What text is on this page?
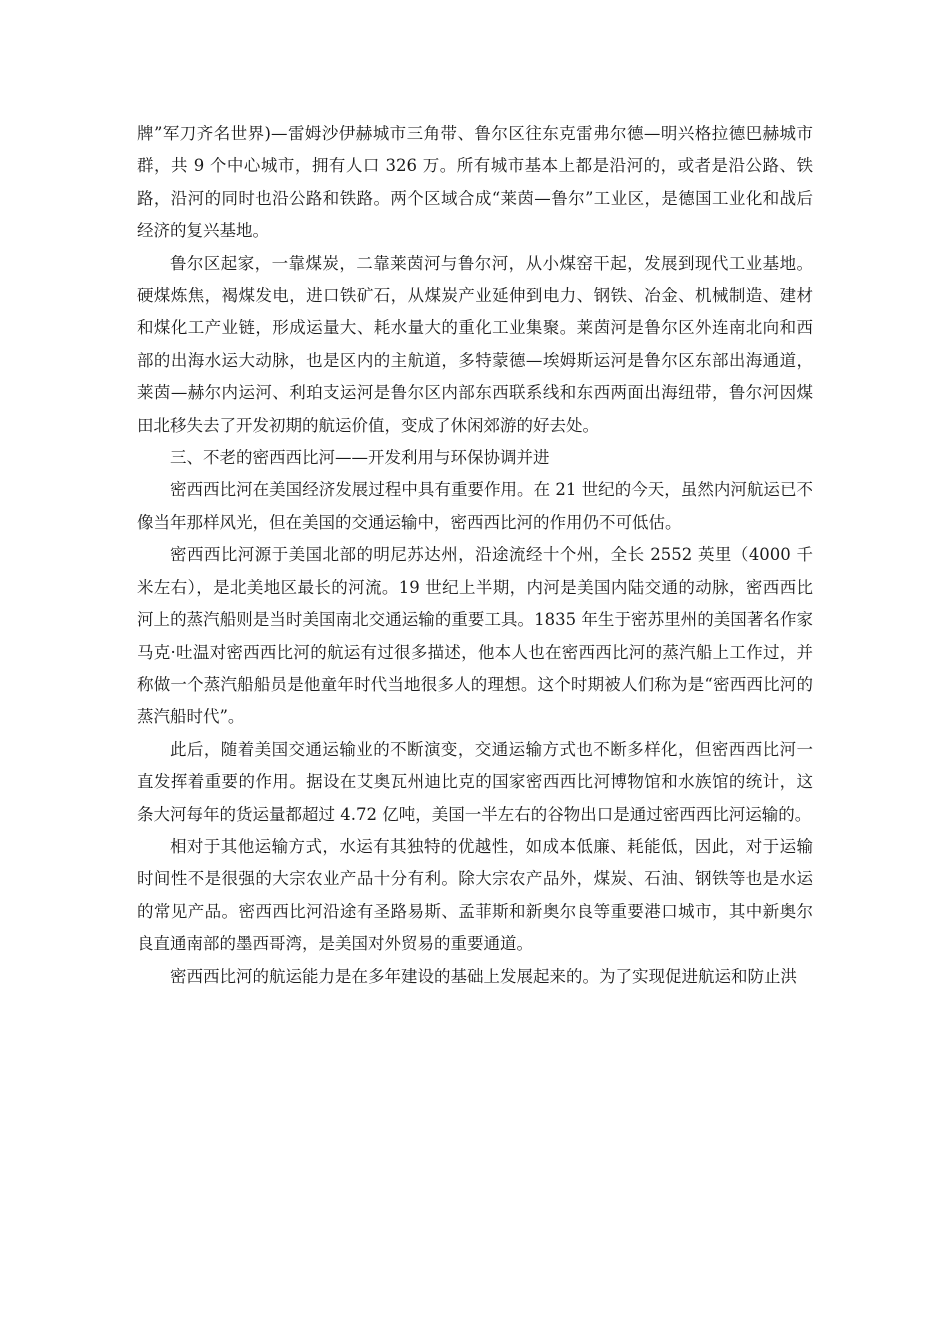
牌”军刀齐名世界)—雷姆沙伊赫城市三角带、鲁尔区往东克雷弗尔德—明兴格拉德巴赫城市群，共 9 个中心城市，拥有人口 326 万。所有城市基本上都是沿河的，或者是沿公路、铁路，沿河的同时也沿公路和铁路。两个区域合成“莱茵—鲁尔”工业区，是德国工业化和战后经济的复兴基地。

鲁尔区起家，一靠煤炭，二靠莱茵河与鲁尔河，从小煤窑干起，发展到现代工业基地。硬煤炼焦，褐煤发电，进口铁矿石，从煤炭产业延伸到电力、钢铁、冶金、机械制造、建材和煤化工产业链，形成运量大、耗水量大的重化工业集聚。莱茵河是鲁尔区外连南北向和西部的出海水运大动脉，也是区内的主航道，多特蒙德—埃姆斯运河是鲁尔区东部出海通道，莱茵—赫尔内运河、利珀支运河是鲁尔区内部东西联系线和东西两面出海纽带，鲁尔河因煤田北移失去了开发初期的航运价值，变成了休闲郊游的好去处。

三、不老的密西西比河——开发利用与环保协调并进

密西西比河在美国经济发展过程中具有重要作用。在 21 世纪的今天，虽然内河航运已不像当年那样风光，但在美国的交通运输中，密西西比河的作用仍不可低估。

密西西比河源于美国北部的明尼苏达州，沿途流经十个州，全长 2552 英里（4000 千米左右），是北美地区最长的河流。19 世纪上半期，内河是美国内陆交通的动脉，密西西比河上的蒸汽船则是当时美国南北交通运输的重要工具。1835 年生于密苏里州的美国著名作家马克·吐温对密西西比河的航运有过很多描述，他本人也在密西西比河的蒸汽船上工作过，并称做一个蒸汽船船员是他童年时代当地很多人的理想。这个时期被人们称为是“密西西比河的蒸汽船时代”。

此后，随着美国交通运输业的不断演变，交通运输方式也不断多样化，但密西西比河一直发挥着重要的作用。据设在艾奥瓦州迪比克的国家密西西比河博物馆和水族馆的统计，这条大河每年的货运量都超过 4.72 亿吨，美国一半左右的谷物出口是通过密西西比河运输的。

相对于其他运输方式，水运有其独特的优越性，如成本低廉、耗能低，因此，对于运输时间性不是很强的大宗农业产品十分有利。除大宗农产品外，煤炭、石油、钢铁等也是水运的常见产品。密西西比河沿途有圣路易斯、孟菲斯和新奥尔良等重要港口城市，其中新奥尔良直通南部的墨西哥湾，是美国对外贸易的重要通道。

密西西比河的航运能力是在多年建设的基础上发展起来的。为了实现促进航运和防止洪
